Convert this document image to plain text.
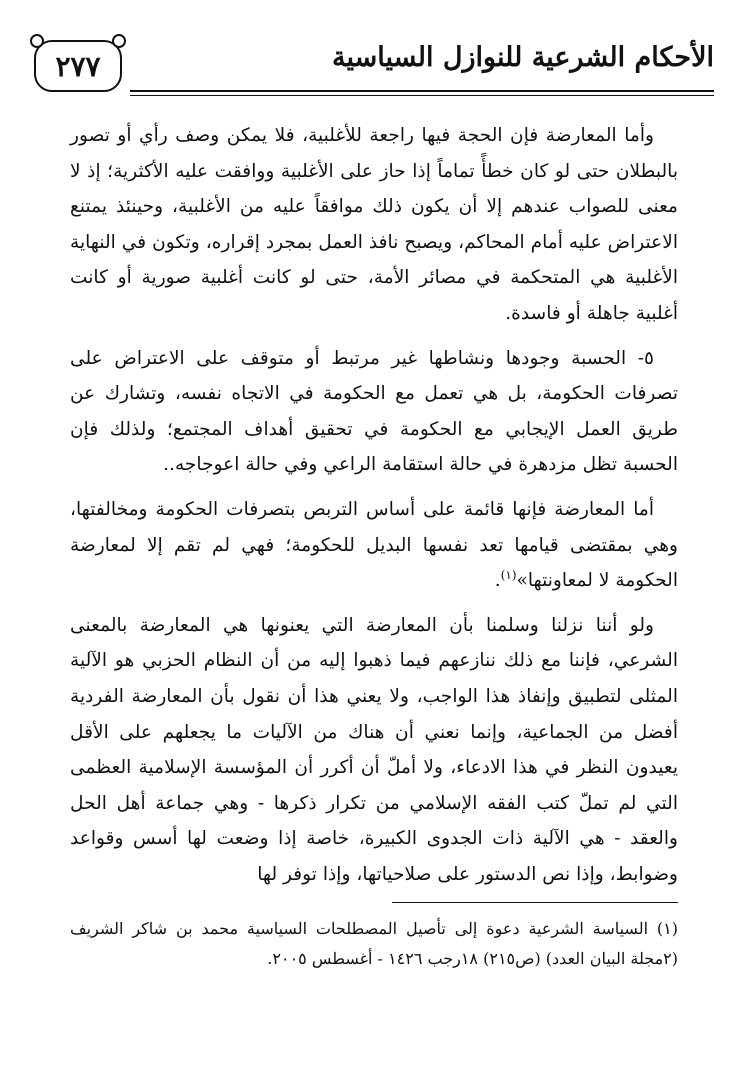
٢٧٧	الأحكام الشرعية للنوازل السياسية

وأما المعارضة فإن الحجة فيها راجعة للأغلبية، فلا يمكن وصف رأي أو تصور بالبطلان حتى لو كان خطأً تماماً إذا حاز على الأغلبية ووافقت عليه الأكثرية؛ إذ لا معنى للصواب عندهم إلا أن يكون ذلك موافقاً عليه من الأغلبية، وحينئذ يمتنع الاعتراض عليه أمام المحاكم، ويصبح نافذ العمل بمجرد إقراره، وتكون في النهاية الأغلبية هي المتحكمة في مصائر الأمة، حتى لو كانت أغلبية صورية أو كانت أغلبية جاهلة أو فاسدة.

٥- الحسبة وجودها ونشاطها غير مرتبط أو متوقف على الاعتراض على تصرفات الحكومة، بل هي تعمل مع الحكومة في الاتجاه نفسه، وتشارك عن طريق العمل الإيجابي مع الحكومة في تحقيق أهداف المجتمع؛ ولذلك فإن الحسبة تظل مزدهرة في حالة استقامة الراعي وفي حالة اعوجاجه..

أما المعارضة فإنها قائمة على أساس التربص بتصرفات الحكومة ومخالفتها، وهي بمقتضى قيامها تعد نفسها البديل للحكومة؛ فهي لم تقم إلا لمعارضة الحكومة لا لمعاونتها»$^{(١)}$.

ولو أننا نزلنا وسلمنا بأن المعارضة التي يعنونها هي المعارضة بالمعنى الشرعي، فإننا مع ذلك ننازعهم فيما ذهبوا إليه من أن النظام الحزبي هو الآلية المثلى لتطبيق وإنفاذ هذا الواجب، ولا يعني هذا أن نقول بأن المعارضة الفردية أفضل من الجماعية، وإنما نعني أن هناك من الآليات ما يجعلهم على الأقل يعيدون النظر في هذا الادعاء، ولا أملّ أن أكرر أن المؤسسة الإسلامية العظمى التي لم تملّ كتب الفقه الإسلامي من تكرار ذكرها - وهي جماعة أهل الحل والعقد - هي الآلية ذات الجدوى الكبيرة، خاصة إذا وضعت لها أسس وقواعد وضوابط، وإذا نص الدستور على صلاحياتها، وإذا توفر لها

(١) السياسة الشرعية دعوة إلى تأصيل المصطلحات السياسية محمد بن شاكر الشريف (٢مجلة البيان العدد) (ص٢١٥) ١٨رجب ١٤٢٦ - أغسطس ٢٠٠٥.
